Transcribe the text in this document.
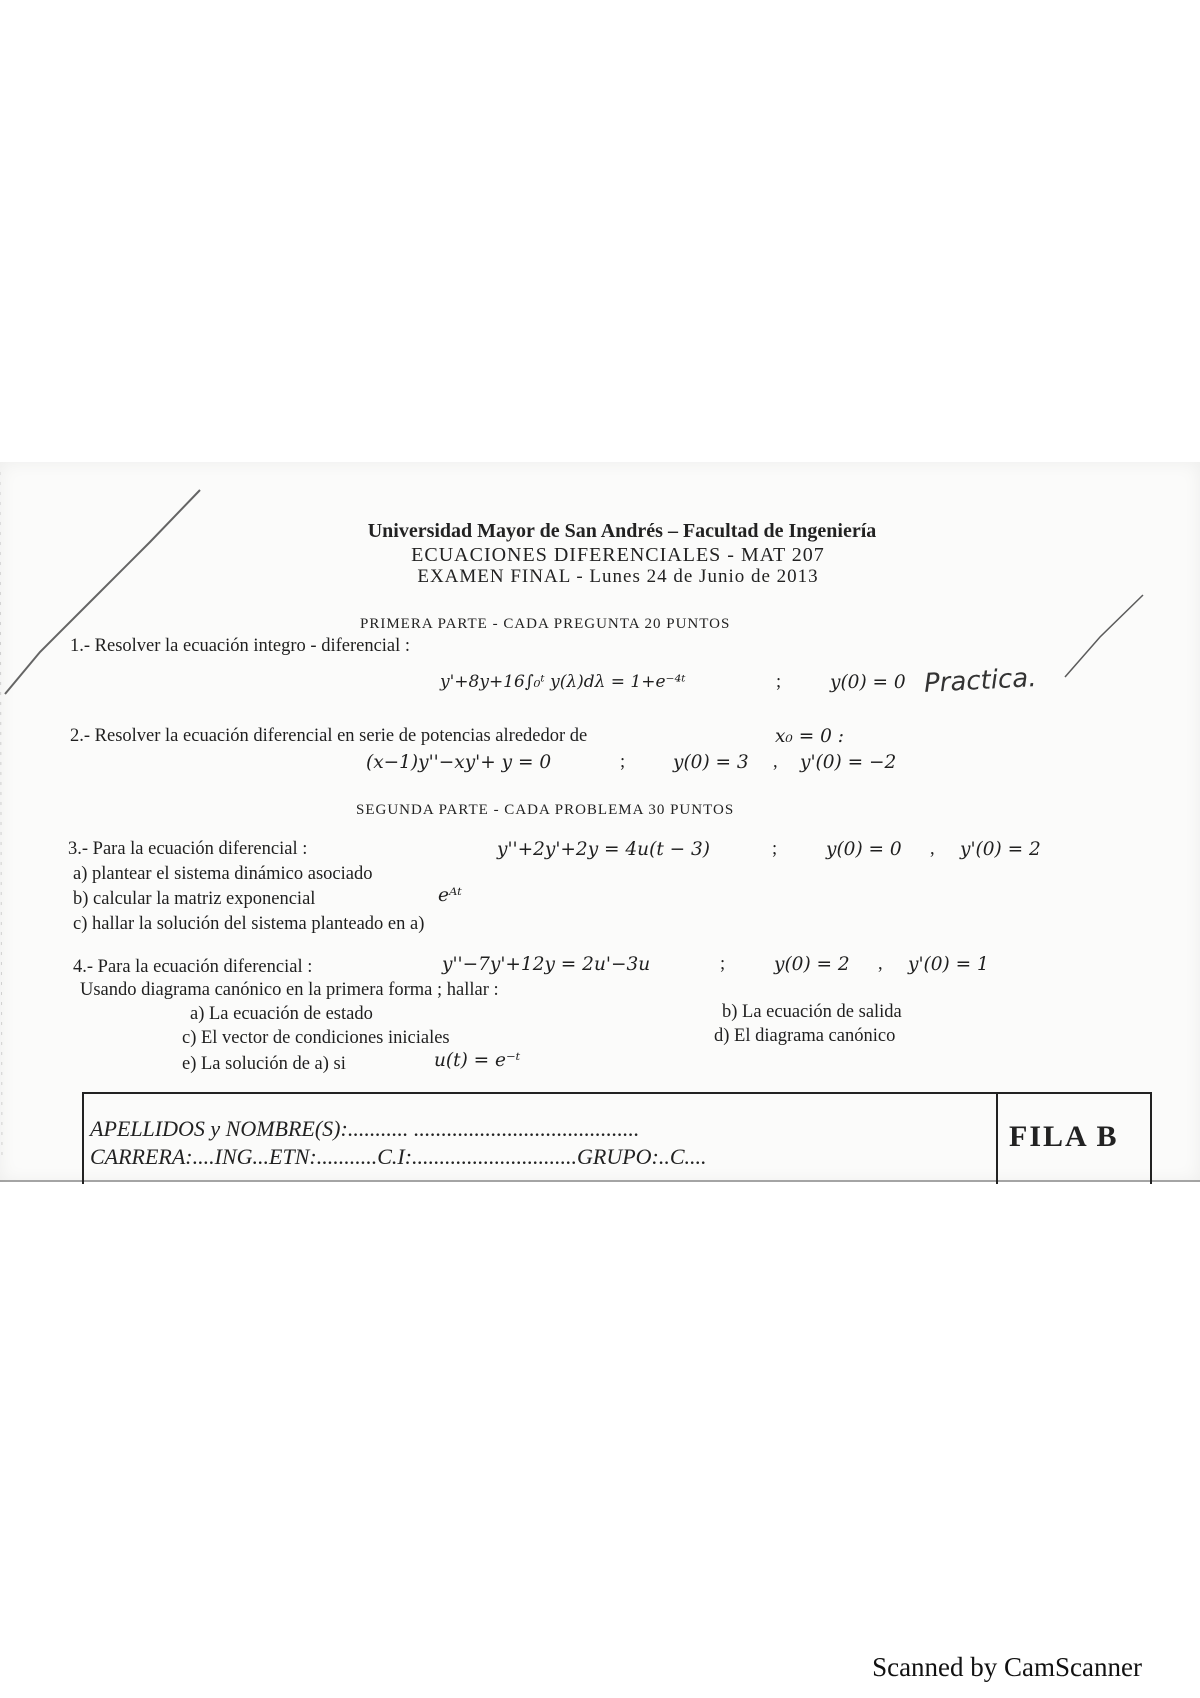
Universidad Mayor de San Andrés – Facultad de Ingeniería
ECUACIONES DIFERENCIALES - MAT 207
EXAMEN FINAL - Lunes 24 de Junio de 2013
PRIMERA PARTE - CADA PREGUNTA 20 PUNTOS
1.- Resolver la ecuación integro - diferencial :
y'+8y+16∫₀ᵗ y(λ)dλ = 1+e⁻⁴ᵗ	;	y(0) = 0 Practica.
2.- Resolver la ecuación diferencial en serie de potencias alrededor de	x₀ = 0 :
(x−1)y''−xy'+ y = 0	;	y(0) = 3 , y'(0) = −2
SEGUNDA PARTE - CADA PROBLEMA 30 PUNTOS
3.- Para la ecuación diferencial :	y''+2y'+2y = 4u(t − 3)	;	y(0) = 0 , y'(0) = 2
a) plantear el sistema dinámico asociado
b) calcular la matriz exponencial	eᴬᵗ
c) hallar la solución del sistema planteado en a)
4.- Para la ecuación diferencial :	y''−7y'+12y = 2u'−3u	;	y(0) = 2 , y'(0) = 1
Usando diagrama canónico en la primera forma ; hallar :
a) La ecuación de estado	b) La ecuación de salida
c) El vector de condiciones iniciales	d) El diagrama canónico
e) La solución de a) si	u(t) = e⁻ᵗ
APELLIDOS y NOMBRE(S):........... .........................................
CARRERA:....ING...ETN:...........C.I:..............................GRUPO:..C....
FILA B
Scanned by CamScanner
